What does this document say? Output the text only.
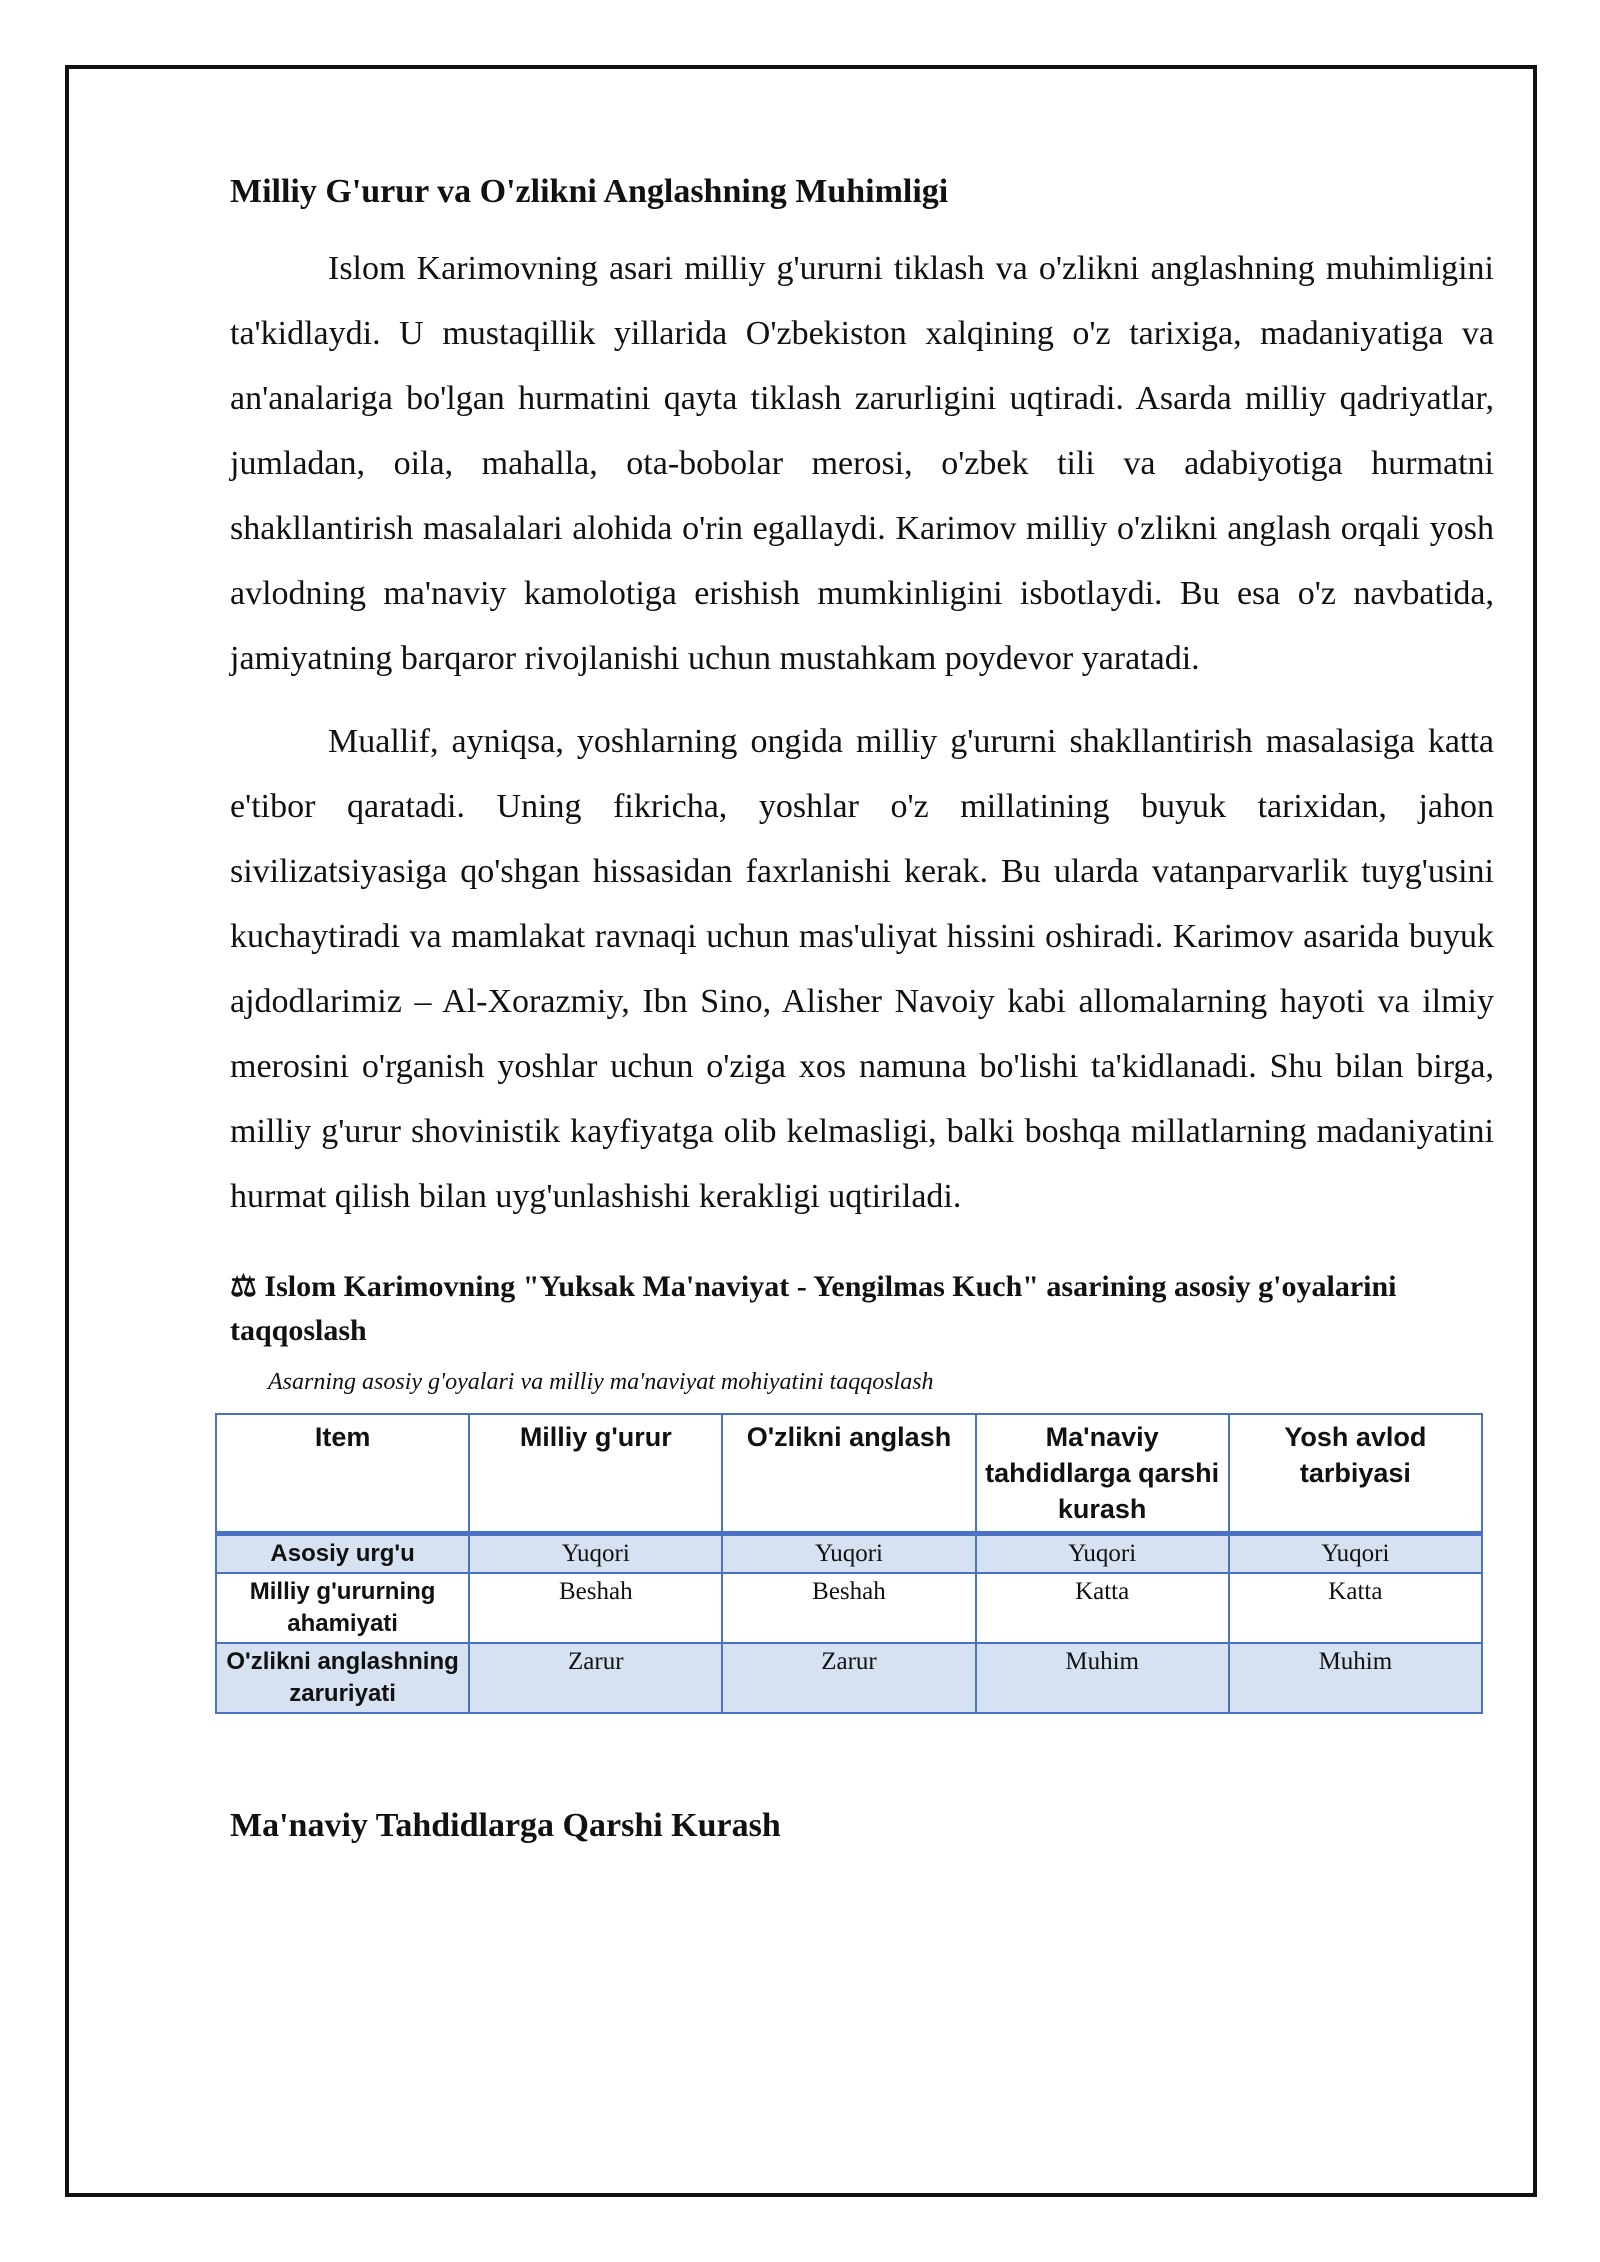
Milliy G'urur va O'zlikni Anglashning Muhimligi

Islom Karimovning asari milliy g'ururni tiklash va o'zlikni anglashning muhimligini ta'kidlaydi. U mustaqillik yillarida O'zbekiston xalqining o'z tarixiga, madaniyatiga va an'analariga bo'lgan hurmatini qayta tiklash zarurligini uqtiradi. Asarda milliy qadriyatlar, jumladan, oila, mahalla, ota-bobolar merosi, o'zbek tili va adabiyotiga hurmatni shakllantirish masalalari alohida o'rin egallaydi. Karimov milliy o'zlikni anglash orqali yosh avlodning ma'naviy kamolotiga erishish mumkinligini isbotlaydi. Bu esa o'z navbatida, jamiyatning barqaror rivojlanishi uchun mustahkam poydevor yaratadi.

Muallif, ayniqsa, yoshlarning ongida milliy g'ururni shakllantirish masalasiga katta e'tibor qaratadi. Uning fikricha, yoshlar o'z millatining buyuk tarixidan, jahon sivilizatsiyasiga qo'shgan hissasidan faxrlanishi kerak. Bu ularda vatanparvarlik tuyg'usini kuchaytiradi va mamlakat ravnaqi uchun mas'uliyat hissini oshiradi. Karimov asarida buyuk ajdodlarimiz – Al-Xorazmiy, Ibn Sino, Alisher Navoiy kabi allomalarning hayoti va ilmiy merosini o'rganish yoshlar uchun o'ziga xos namuna bo'lishi ta'kidlanadi. Shu bilan birga, milliy g'urur shovinistik kayfiyatga olib kelmasligi, balki boshqa millatlarning madaniyatini hurmat qilish bilan uyg'unlashishi kerakligi uqtiriladi.

⚖ Islom Karimovning "Yuksak Ma'naviyat - Yengilmas Kuch" asarining asosiy g'oyalarini taqqoslash
Asarning asosiy g'oyalari va milliy ma'naviyat mohiyatini taqqoslash
Item	Milliy g'urur	O'zlikni anglash	Ma'naviy tahdidlarga qarshi kurash	Yosh avlod tarbiyasi
Asosiy urg'u	Yuqori	Yuqori	Yuqori	Yuqori
Milliy g'ururning ahamiyati	Beshah	Beshah	Katta	Katta
O'zlikni anglashning zaruriyati	Zarur	Zarur	Muhim	Muhim
Ma'naviy Tahdidlarga Qarshi Kurash
